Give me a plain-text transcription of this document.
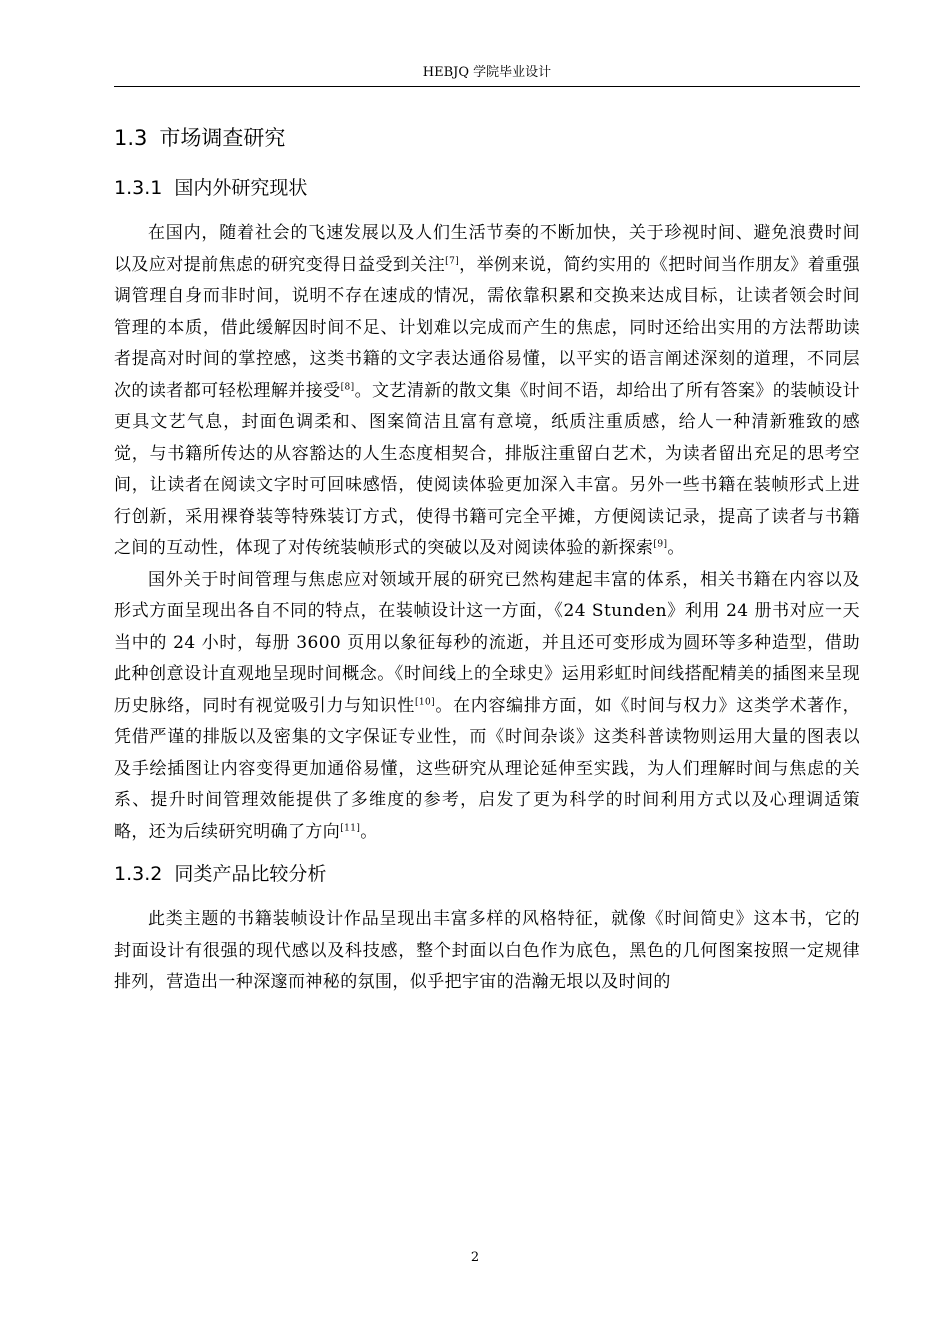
HEBJQ 学院毕业设计
1.3 市场调查研究
1.3.1 国内外研究现状

在国内，随着社会的飞速发展以及人们生活节奏的不断加快，关于珍视时间、避免浪费时间以及应对提前焦虑的研究变得日益受到关注[7]，举例来说，简约实用的《把时间当作朋友》着重强调管理自身而非时间，说明不存在速成的情况，需依靠积累和交换来达成目标，让读者领会时间管理的本质，借此缓解因时间不足、计划难以完成而产生的焦虑，同时还给出实用的方法帮助读者提高对时间的掌控感，这类书籍的文字表达通俗易懂，以平实的语言阐述深刻的道理，不同层次的读者都可轻松理解并接受[8]。文艺清新的散文集《时间不语，却给出了所有答案》的装帧设计更具文艺气息，封面色调柔和、图案简洁且富有意境，纸质注重质感，给人一种清新雅致的感觉，与书籍所传达的从容豁达的人生态度相契合，排版注重留白艺术，为读者留出充足的思考空间，让读者在阅读文字时可回味感悟，使阅读体验更加深入丰富。另外一些书籍在装帧形式上进行创新，采用裸脊装等特殊装订方式，使得书籍可完全平摊，方便阅读记录，提高了读者与书籍之间的互动性，体现了对传统装帧形式的突破以及对阅读体验的新探索[9]。

国外关于时间管理与焦虑应对领域开展的研究已然构建起丰富的体系，相关书籍在内容以及形式方面呈现出各自不同的特点，在装帧设计这一方面，《24 Stunden》利用 24 册书对应一天当中的 24 小时，每册 3600 页用以象征每秒的流逝，并且还可变形成为圆环等多种造型，借助此种创意设计直观地呈现时间概念。《时间线上的全球史》运用彩虹时间线搭配精美的插图来呈现历史脉络，同时有视觉吸引力与知识性[10]。在内容编排方面，如《时间与权力》这类学术著作，凭借严谨的排版以及密集的文字保证专业性，而《时间杂谈》这类科普读物则运用大量的图表以及手绘插图让内容变得更加通俗易懂，这些研究从理论延伸至实践，为人们理解时间与焦虑的关系、提升时间管理效能提供了多维度的参考，启发了更为科学的时间利用方式以及心理调适策略，还为后续研究明确了方向[11]。

1.3.2 同类产品比较分析

此类主题的书籍装帧设计作品呈现出丰富多样的风格特征，就像《时间简史》这本书，它的封面设计有很强的现代感以及科技感，整个封面以白色作为底色，黑色的几何图案按照一定规律排列，营造出一种深邃而神秘的氛围，似乎把宇宙的浩瀚无垠以及时间的

2
